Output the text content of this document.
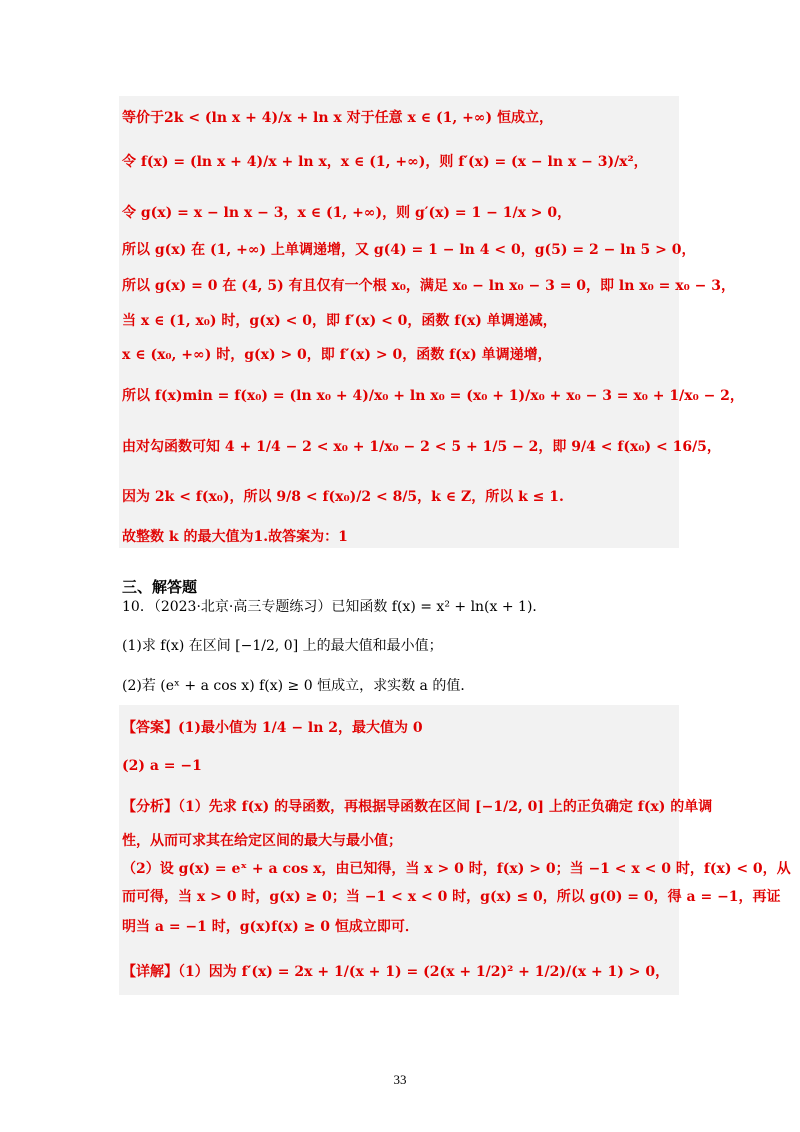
等价于2k < (ln x + 4)/x + ln x 对于任意 x ∈ (1, +∞) 恒成立，
令 f(x) = (ln x + 4)/x + ln x，x ∈ (1, +∞)，则 f′(x) = (x − ln x − 3)/x²，
令 g(x) = x − ln x − 3，x ∈ (1, +∞)，则 g′(x) = 1 − 1/x > 0，
所以 g(x) 在 (1, +∞) 上单调递增，又 g(4) = 1 − ln 4 < 0，g(5) = 2 − ln 5 > 0，
所以 g(x) = 0 在 (4, 5) 有且仅有一个根 x₀，满足 x₀ − ln x₀ − 3 = 0，即 ln x₀ = x₀ − 3，
当 x ∈ (1, x₀) 时，g(x) < 0，即 f′(x) < 0，函数 f(x) 单调递减，
x ∈ (x₀, +∞) 时，g(x) > 0，即 f′(x) > 0，函数 f(x) 单调递增，
所以 f(x)min = f(x₀) = (ln x₀ + 4)/x₀ + ln x₀ = (x₀ + 1)/x₀ + x₀ − 3 = x₀ + 1/x₀ − 2，
由对勾函数可知 4 + 1/4 − 2 < x₀ + 1/x₀ − 2 < 5 + 1/5 − 2，即 9/4 < f(x₀) < 16/5，
因为 2k < f(x₀)，所以 9/8 < f(x₀)/2 < 8/5，k ∈ Z，所以 k ≤ 1.
故整数 k 的最大值为1.故答案为：1
三、解答题
10．（2023·北京·高三专题练习）已知函数 f(x) = x² + ln(x + 1)．
(1)求 f(x) 在区间 [−1/2, 0] 上的最大值和最小值；
(2)若 (eˣ + a cos x) f(x) ≥ 0 恒成立，求实数 a 的值．
【答案】(1)最小值为 1/4 − ln 2，最大值为 0
(2) a = −1
【分析】（1）先求 f(x) 的导函数，再根据导函数在区间 [−1/2, 0] 上的正负确定 f(x) 的单调
性，从而可求其在给定区间的最大与最小值；
（2）设 g(x) = eˣ + a cos x，由已知得，当 x > 0 时，f(x) > 0；当 −1 < x < 0 时，f(x) < 0，从
而可得，当 x > 0 时，g(x) ≥ 0；当 −1 < x < 0 时，g(x) ≤ 0，所以 g(0) = 0，得 a = −1，再证
明当 a = −1 时，g(x)f(x) ≥ 0 恒成立即可．
【详解】（1）因为 f′(x) = 2x + 1/(x + 1) = (2(x + 1/2)² + 1/2)/(x + 1) > 0，
33
